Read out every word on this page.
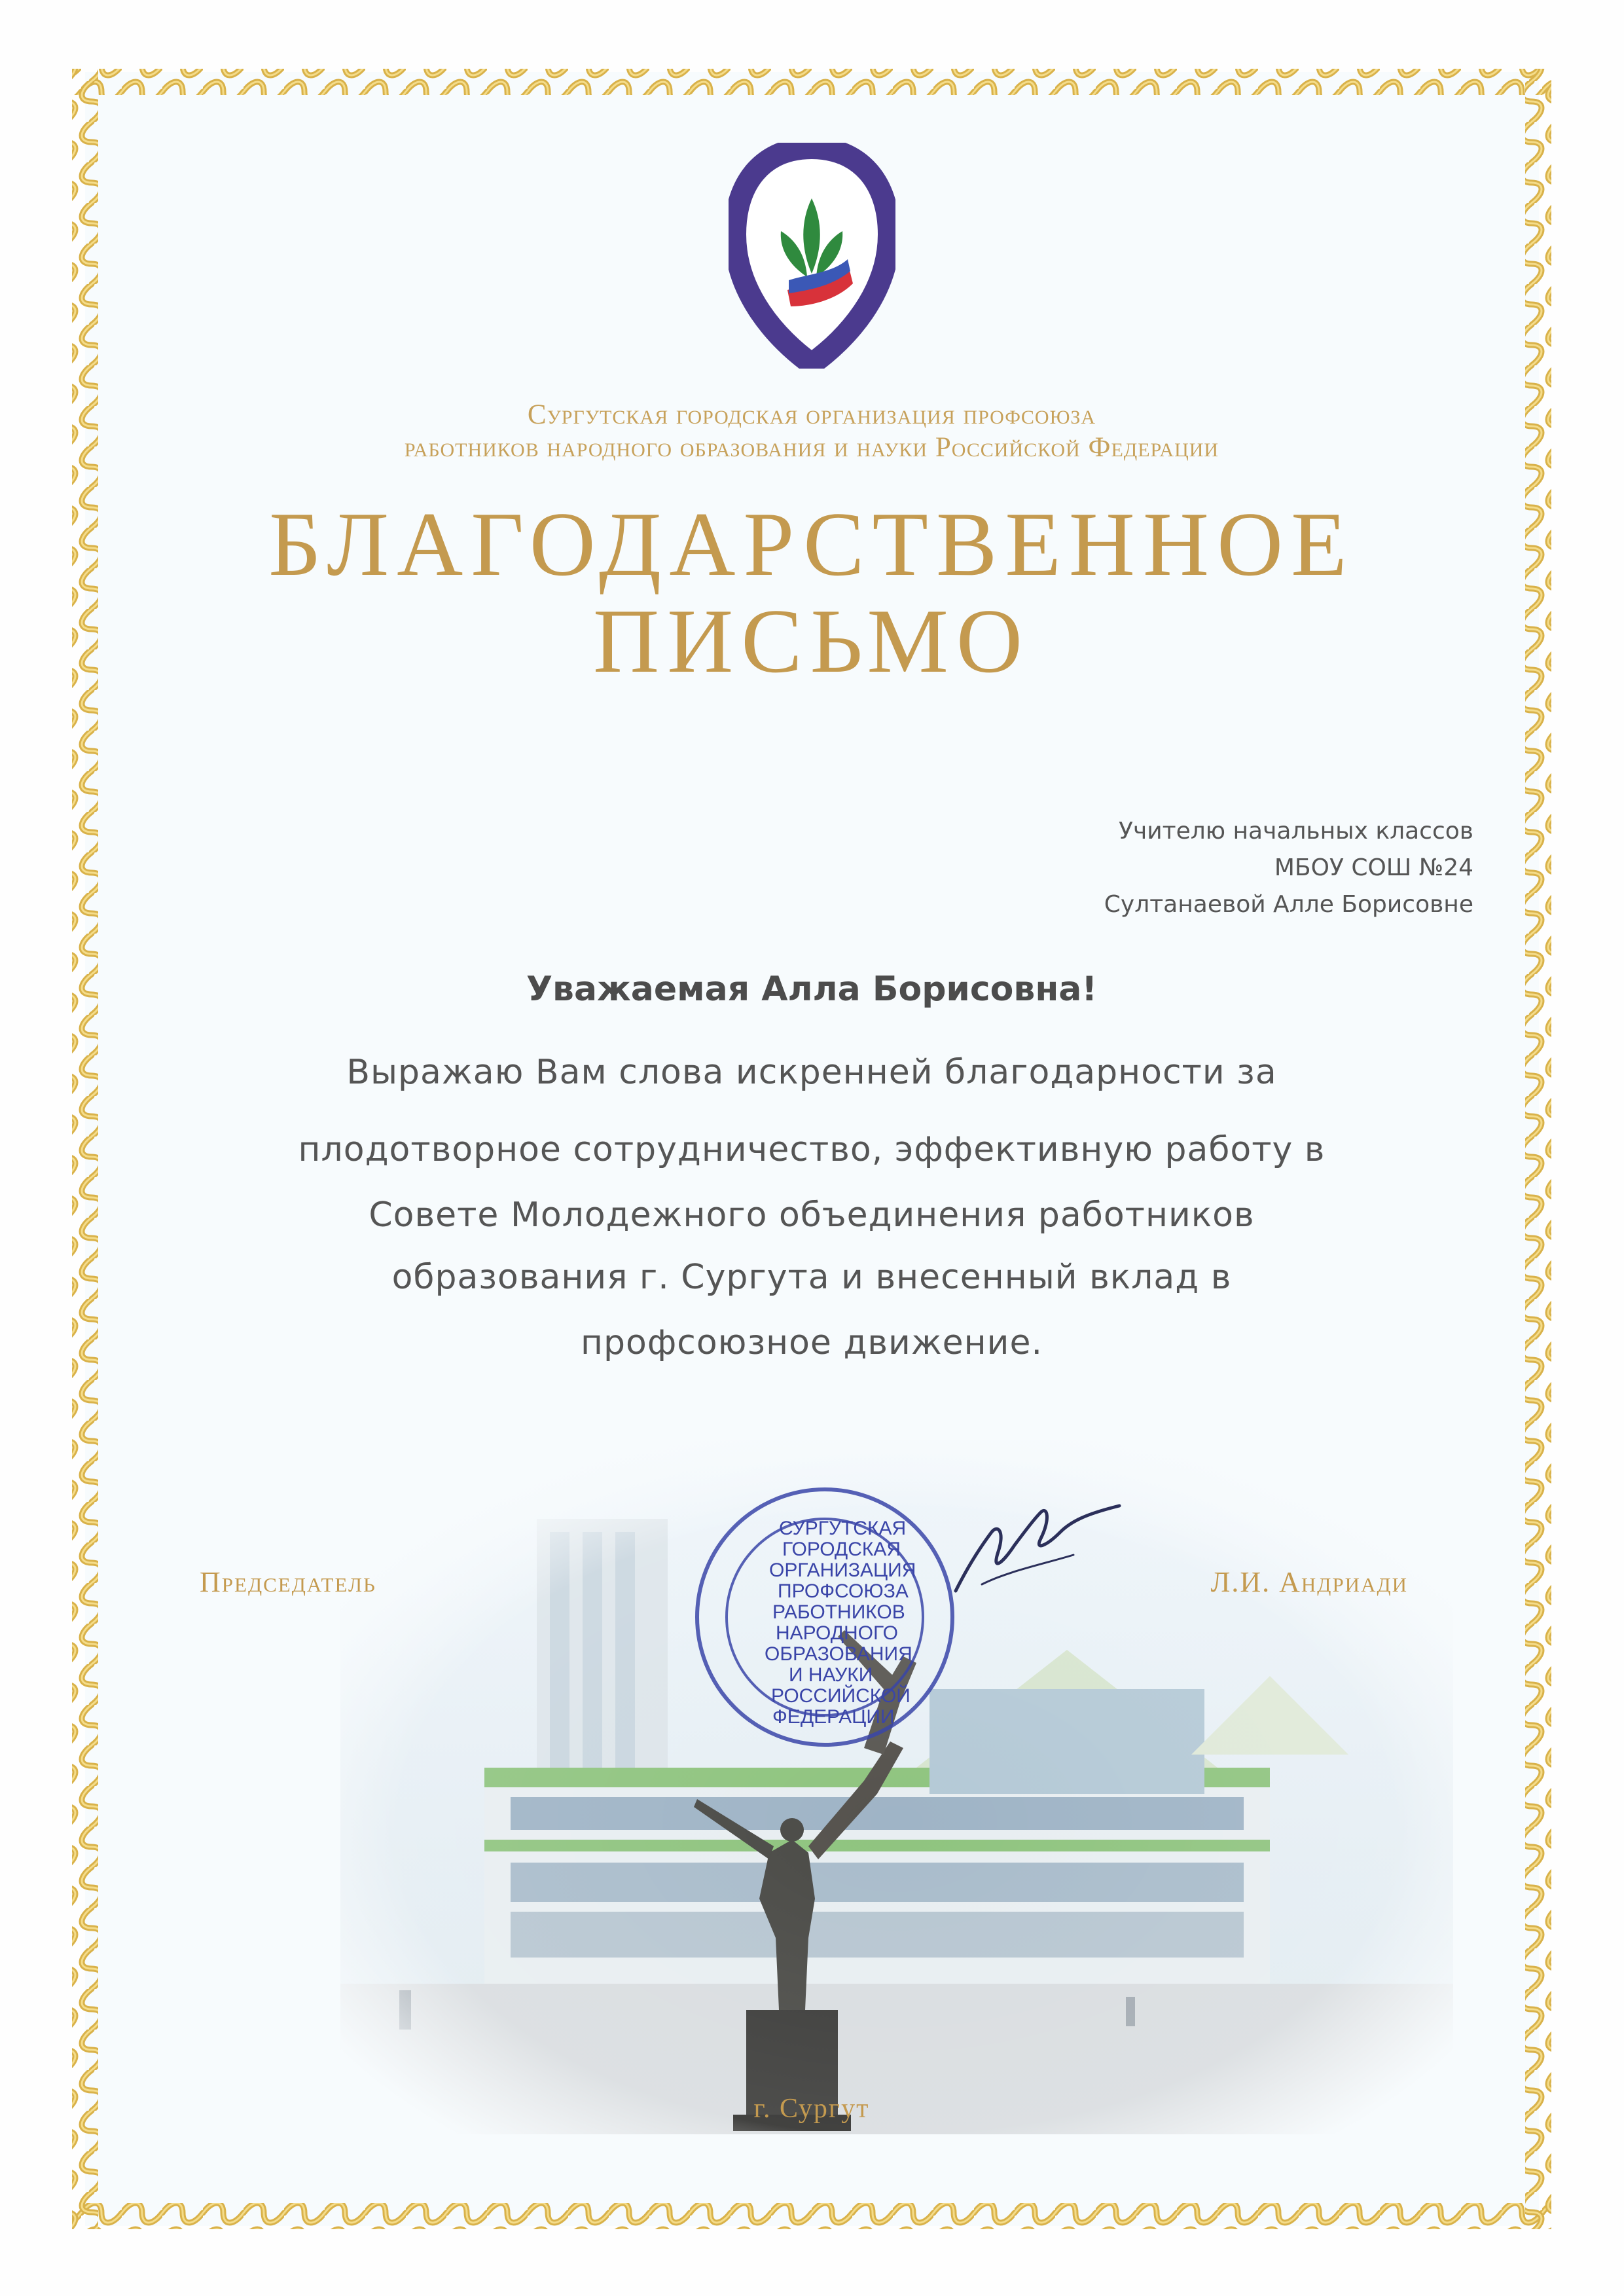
Сургутская городская организация профсоюза
работников народного образования и науки Российской Федерации
БЛАГОДАРСТВЕННОЕ
ПИСЬМО
Учителю начальных классов
МБОУ СОШ №24
Султанаевой Алле Борисовне
Уважаемая Алла Борисовна!
Выражаю Вам слова искренней благодарности за
плодотворное сотрудничество, эффективную работу в
Совете Молодежного объединения работников
образования г. Сургута и внесенный вклад в
профсоюзное движение.
Председатель	Л.И. Андриади
СУРГУТСКАЯ
ГОРОДСКАЯ
ОРГАНИЗАЦИЯ
ПРОФСОЮЗА
РАБОТНИКОВ
НАРОДНОГО
ОБРАЗОВАНИЯ
И НАУКИ
РОССИЙСКОЙ
ФЕДЕРАЦИИ
г. Сургут
